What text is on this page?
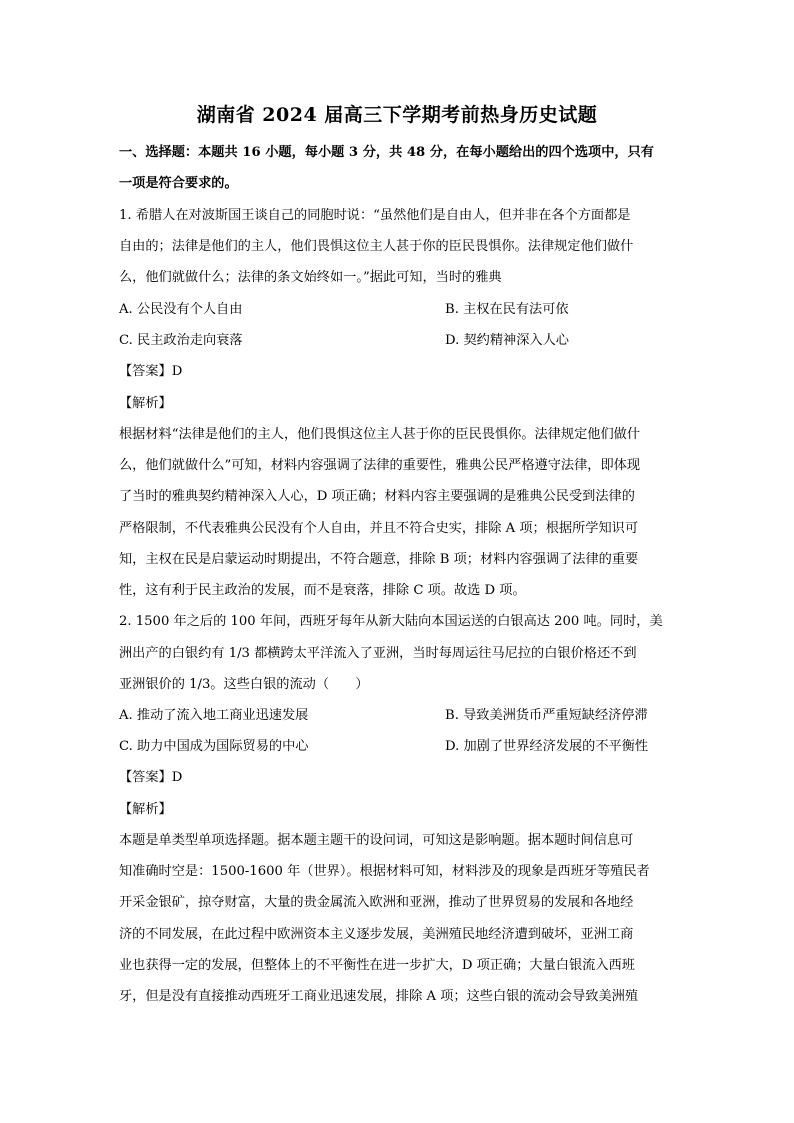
湖南省 2024 届高三下学期考前热身历史试题
一、选择题：本题共 16 小题，每小题 3 分，共 48 分，在每小题给出的四个选项中，只有
一项是符合要求的。
1. 希腊人在对波斯国王谈自己的同胞时说：“虽然他们是自由人，但并非在各个方面都是
自由的；法律是他们的主人，他们畏惧这位主人甚于你的臣民畏惧你。法律规定他们做什
么，他们就做什么；法律的条文始终如一。”据此可知，当时的雅典
A. 公民没有个人自由	B. 主权在民有法可依
C. 民主政治走向衰落	D. 契约精神深入人心
【答案】D
【解析】
根据材料“法律是他们的主人，他们畏惧这位主人甚于你的臣民畏惧你。法律规定他们做什
么，他们就做什么”可知，材料内容强调了法律的重要性，雅典公民严格遵守法律，即体现
了当时的雅典契约精神深入人心，D 项正确；材料内容主要强调的是雅典公民受到法律的
严格限制，不代表雅典公民没有个人自由，并且不符合史实，排除 A 项；根据所学知识可
知，主权在民是启蒙运动时期提出，不符合题意，排除 B 项；材料内容强调了法律的重要
性，这有利于民主政治的发展，而不是衰落，排除 C 项。故选 D 项。
2. 1500 年之后的 100 年间，西班牙每年从新大陆向本国运送的白银高达 200 吨。同时，美
洲出产的白银约有 1/3 都横跨太平洋流入了亚洲，当时每周运往马尼拉的白银价格还不到
亚洲银价的 1/3。这些白银的流动（　　）
A. 推动了流入地工商业迅速发展	B. 导致美洲货币严重短缺经济停滞
C. 助力中国成为国际贸易的中心	D. 加剧了世界经济发展的不平衡性
【答案】D
【解析】
本题是单类型单项选择题。据本题主题干的设问词，可知这是影响题。据本题时间信息可
知准确时空是：1500-1600 年（世界）。根据材料可知，材料涉及的现象是西班牙等殖民者
开采金银矿，掠夺财富，大量的贵金属流入欧洲和亚洲，推动了世界贸易的发展和各地经
济的不同发展，在此过程中欧洲资本主义逐步发展，美洲殖民地经济遭到破坏，亚洲工商
业也获得一定的发展，但整体上的不平衡性在进一步扩大，D 项正确；大量白银流入西班
牙，但是没有直接推动西班牙工商业迅速发展，排除 A 项；这些白银的流动会导致美洲殖
